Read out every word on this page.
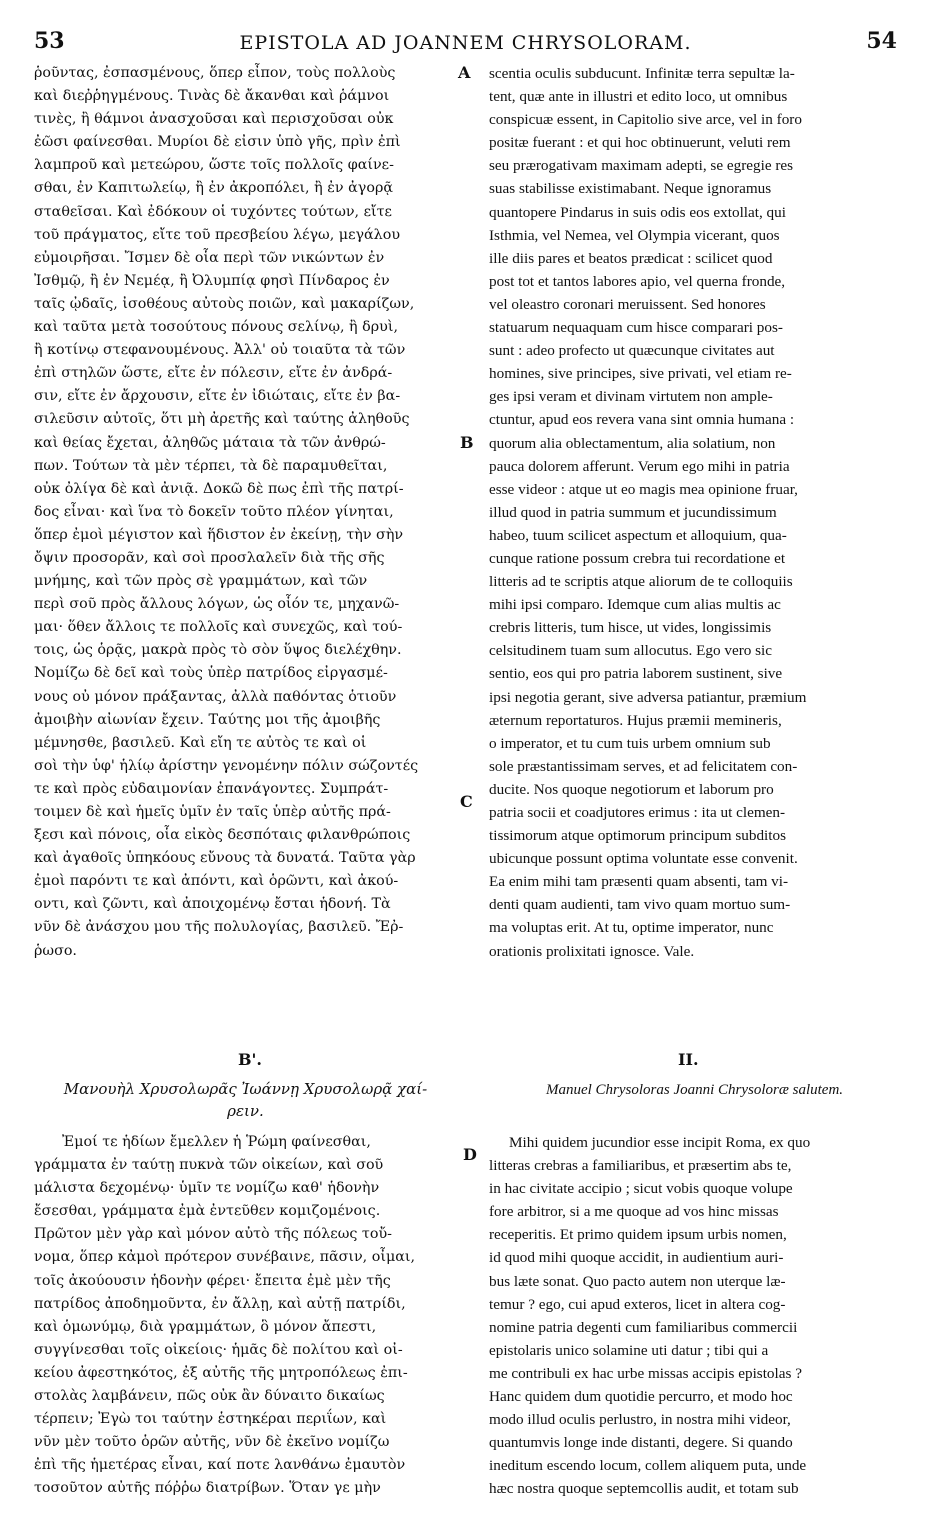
53	EPISTOLA AD JOANNEM CHRYSOLORAM.	54
ῥοῦντας, ἐσπασμένους, ὅπερ εἶπον, τοὺς πολλοὺς
καὶ διεῤῥηγμένους. Τινὰς δὲ ἄκανθαι καὶ ῥάμνοι
τινὲς, ἢ θάμνοι ἀνασχοῦσαι καὶ περισχοῦσαι οὐκ
ἐῶσι φαίνεσθαι. Μυρίοι δὲ εἰσιν ὑπὸ γῆς, πρὶν ἐπὶ
λαμπροῦ καὶ μετεώρου, ὥστε τοῖς πολλοῖς φαίνε-
σθαι, ἐν Καπιτωλείῳ, ἢ ἐν ἀκροπόλει, ἢ ἐν ἀγορᾷ
σταθεῖσαι. Καὶ ἐδόκουν οἱ τυχόντες τούτων, εἴτε
τοῦ πράγματος, εἴτε τοῦ πρεσβείου λέγω, μεγάλου
εὐμοιρῆσαι. Ἴσμεν δὲ οἷα περὶ τῶν νικώντων ἐν
Ἰσθμῷ, ἢ ἐν Νεμέᾳ, ἢ Ὀλυμπίᾳ φησὶ Πίνδαρος ἐν
ταῖς ᾠδαῖς, ἰσοθέους αὐτοὺς ποιῶν, καὶ μακαρίζων,
καὶ ταῦτα μετὰ τοσούτους πόνους σελίνῳ, ἢ δρυὶ,
ἢ κοτίνῳ στεφανουμένους. Ἀλλ' οὐ τοιαῦτα τὰ τῶν
ἐπὶ στηλῶν ὥστε, εἴτε ἐν πόλεσιν, εἴτε ἐν ἀνδρά-
σιν, εἴτε ἐν ἄρχουσιν, εἴτε ἐν ἰδιώταις, εἴτε ἐν βα-
σιλεῦσιν αὐτοῖς, ὅτι μὴ ἀρετῆς καὶ ταύτης ἀληθοῦς
καὶ θείας ἔχεται, ἀληθῶς μάταια τὰ τῶν ἀνθρώ-
πων. Τούτων τὰ μὲν τέρπει, τὰ δὲ παραμυθεῖται,
οὐκ ὀλίγα δὲ καὶ ἀνιᾷ. Δοκῶ δὲ πως ἐπὶ τῆς πατρί-
δος εἶναι· καὶ ἵνα τὸ δοκεῖν τοῦτο πλέον γίνηται,
ὅπερ ἐμοὶ μέγιστον καὶ ἥδιστον ἐν ἐκείνῃ, τὴν σὴν
ὄψιν προσορᾶν, καὶ σοὶ προσλαλεῖν διὰ τῆς σῆς
μνήμης, καὶ τῶν πρὸς σὲ γραμμάτων, καὶ τῶν
περὶ σοῦ πρὸς ἄλλους λόγων, ὡς οἷόν τε, μηχανῶ-
μαι· ὅθεν ἄλλοις τε πολλοῖς καὶ συνεχῶς, καὶ τού-
τοις, ὡς ὁρᾷς, μακρὰ πρὸς τὸ σὸν ὕψος διελέχθην.
Νομίζω δὲ δεῖ καὶ τοὺς ὑπὲρ πατρίδος εἰργασμέ-
νους οὐ μόνον πράξαντας, ἀλλὰ παθόντας ὁτιοῦν
ἀμοιβὴν αἰωνίαν ἔχειν. Ταύτης μοι τῆς ἀμοιβῆς
μέμνησθε, βασιλεῦ. Καὶ εἴη τε αὐτὸς τε καὶ οἱ
σοὶ τὴν ὑφ' ἡλίῳ ἀρίστην γενομένην πόλιν σώζοντές
τε καὶ πρὸς εὐδαιμονίαν ἐπανάγοντες. Συμπράτ-
τοιμεν δὲ καὶ ἡμεῖς ὑμῖν ἐν ταῖς ὑπὲρ αὐτῆς πρά-
ξεσι καὶ πόνοις, οἷα εἰκὸς δεσπόταις φιλανθρώποις
καὶ ἀγαθοῖς ὑπηκόους εὔνους τὰ δυνατά. Ταῦτα γὰρ
ἐμοὶ παρόντι τε καὶ ἀπόντι, καὶ ὁρῶντι, καὶ ἀκού-
οντι, καὶ ζῶντι, καὶ ἀποιχομένῳ ἔσται ἡδονή. Τὰ
νῦν δὲ ἀνάσχου μου τῆς πολυλογίας, βασιλεῦ. Ἔῤ-
ῥωσο.
scentia oculis subducunt. Infinitæ terra sepultæ la-
tent, quæ ante in illustri et edito loco, ut omnibus
conspicuæ essent, in Capitolio sive arce, vel in foro
positæ fuerant : et qui hoc obtinuerunt, veluti rem
seu prærogativam maximam adepti, se egregie res
suas stabilisse existimabant. Neque ignoramus
quantopere Pindarus in suis odis eos extollat, qui
Isthmia, vel Nemea, vel Olympia vicerant, quos
ille diis pares et beatos prædicat : scilicet quod
post tot et tantos labores apio, vel quernа fronde,
vel oleastro coronari meruissent. Sed honores
statuarum nequaquam cum hisce comparari pos-
sunt : adeo profecto ut quæcunque civitates aut
homines, sive principes, sive privati, vel etiam re-
ges ipsi veram et divinam virtutem non amplе-
ctuntur, apud eos revera vana sint omnia humana :
quorum alia oblectamentum, alia solatium, non
pauca dolorem afferunt. Verum ego mihi in patria
esse videor : atque ut eo magis mea opinione fruar,
illud quod in patria summum et jucundissimum
habeo, tuum scilicet aspectum et alloquium, qua-
cunque ratione possum crebra tui recordatione et
litteris ad te scriptis atque aliorum de te colloquiis
mihi ipsi comparo. Idemque cum alias multis ac
crebris litteris, tum hisce, ut vides, longissimis
celsitudinem tuam sum allocutus. Ego vero sic
sentio, eos qui pro patria laborem sustinent, sive
ipsi negotia gerant, sive adversa patiantur, præmium
æternum reportaturos. Hujus præmii memineris,
o imperator, et tu cum tuis urbem omnium sub
sole præstantissimam serves, et ad felicitatem con-
ducite. Nos quoque negotiorum et laborum pro
patria socii et coadjutores erimus : ita ut clemen-
tissimorum atque optimorum principum subditos
ubicunque possunt optima voluntate esse convenit.
Ea enim mihi tam præsenti quam absenti, tam vi-
denti quam audienti, tam vivo quam mortuo sum-
ma voluptas erit. At tu, optime imperator, nunc
orationis prolixitati ignosce. Vale.
A
B
C
D
Β'.	II.
Μανουὴλ Χρυσολωρᾶς Ἰωάννῃ Χρυσολωρᾷ χαί-
ρειν.
Manuel Chrysoloras Joanni Chrysoloræ salutem.
Ἐμοί τε ἡδίων ἔμελλεν ἡ Ῥώμη φαίνεσθαι,
γράμματα ἐν ταύτῃ πυκνὰ τῶν οἰκείων, καὶ σοῦ
μάλιστα δεχομένῳ· ὑμῖν τε νομίζω καθ' ἡδονὴν
ἔσεσθαι, γράμματα ἐμὰ ἐντεῦθεν κομιζομένοις.
Πρῶτον μὲν γὰρ καὶ μόνον αὐτὸ τῆς πόλεως τοὔ-
νομα, ὅπερ κἀμοὶ πρότερον συνέβαινε, πᾶσιν, οἶμαι,
τοῖς ἀκούουσιν ἡδονὴν φέρει· ἔπειτα ἐμὲ μὲν τῆς
πατρίδος ἀποδημοῦντα, ἐν ἄλλῃ, καὶ αὐτῇ πατρίδι,
καὶ ὁμωνύμῳ, διὰ γραμμάτων, ὃ μόνον ἄπεστι,
συγγίνεσθαι τοῖς οἰκείοις· ἡμᾶς δὲ πολίτου καὶ οἰ-
κείου ἀφεστηκότος, ἐξ αὐτῆς τῆς μητροπόλεως ἐπι-
στολὰς λαμβάνειν, πῶς οὐκ ἂν δύναιτο δικαίως
τέρπειν; Ἐγὼ τοι ταύτην ἑστηκέραι περιΐων, καὶ
νῦν μὲν τοῦτο ὁρῶν αὐτῆς, νῦν δὲ ἐκεῖνο νομίζω
ἐπὶ τῆς ἡμετέρας εἶναι, καί ποτε λανθάνω ἐμαυτὸν
τοσοῦτον αὐτῆς πόῤῥω διατρίβων. Ὅταν γε μὴν
Mihi quidem jucundior esse incipit Roma, ex quo
litteras crebras a familiaribus, et præsertim abs te,
in hac civitate accipio ; sicut vobis quoque volupe
fore arbitror, si a me quoque ad vos hinc missas
receperitis. Et primo quidem ipsum urbis nomen,
id quod mihi quoque accidit, in audientium auri-
bus læte sonat. Quo pacto autem non uterque læ-
temur ? ego, cui apud exteros, licet in altera cog-
nomine patria degenti cum familiaribus commercii
epistolaris unico solamine uti datur ; tibi qui a
me contribuli ex hac urbe missas accipis epistolas ?
Hanc quidem dum quotidie percurro, et modo hoc
modo illud oculis perlustro, in nostra mihi videor,
quantumvis longe inde distanti, degere. Si quando
ineditum escendo locum, collem aliquem puta, unde
hæc nostra quoque septemcollis audit, et totam sub
